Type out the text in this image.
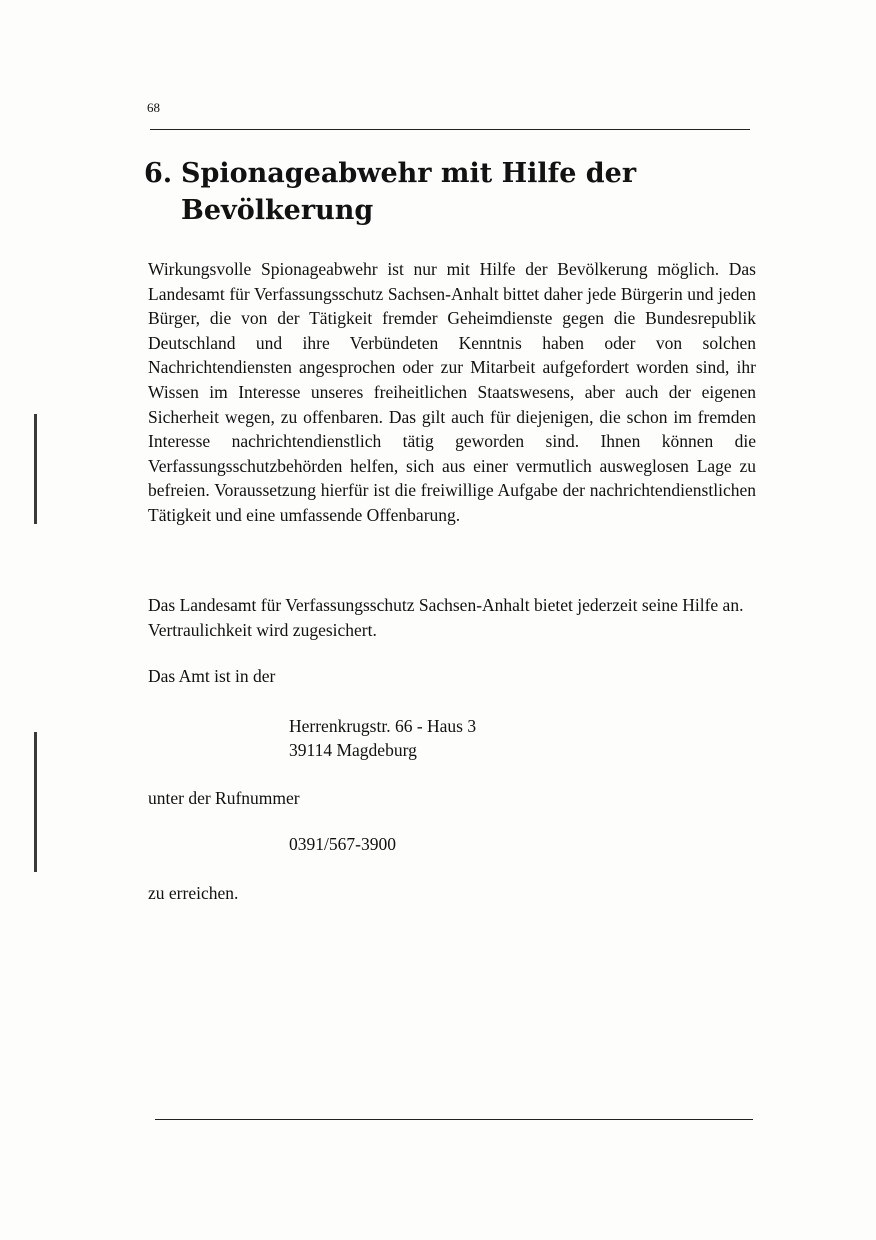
68
6. Spionageabwehr mit Hilfe der
Bevölkerung

Wirkungsvolle Spionageabwehr ist nur mit Hilfe der Bevölkerung möglich. Das Landesamt für Verfassungsschutz Sachsen-Anhalt bittet daher jede Bürgerin und jeden Bürger, die von der Tätigkeit fremder Geheimdienste gegen die Bundesrepublik Deutschland und ihre Verbündeten Kenntnis haben oder von solchen Nachrichtendiensten angesprochen oder zur Mitarbeit aufgefordert worden sind, ihr Wissen im Interesse unseres freiheitlichen Staatswesens, aber auch der eigenen Sicherheit wegen, zu offenbaren. Das gilt auch für diejenigen, die schon im fremden Interesse nachrichtendienstlich tätig geworden sind. Ihnen können die Verfassungsschutzbehörden helfen, sich aus einer vermutlich ausweglosen Lage zu befreien. Voraussetzung hierfür ist die freiwillige Aufgabe der nachrichtendienstlichen Tätigkeit und eine umfassende Offenbarung.

Das Landesamt für Verfassungsschutz Sachsen-Anhalt bietet jederzeit seine Hilfe an. Vertraulichkeit wird zugesichert.

Das Amt ist in der

Herrenkrugstr. 66 - Haus 3

39114 Magdeburg

unter der Rufnummer

0391/567-3900

zu erreichen.
